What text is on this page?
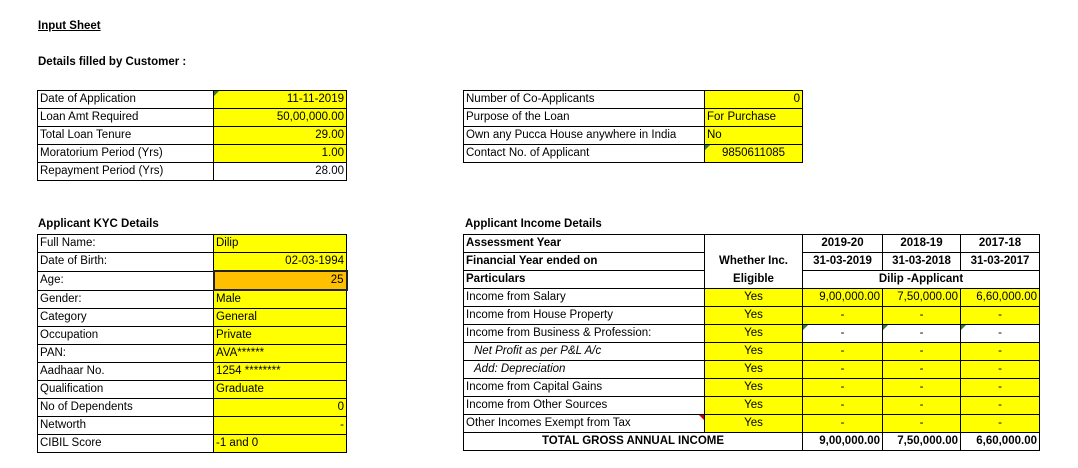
Input Sheet
Details filled by Customer :
Date of Application	11-11-2019
Loan Amt Required	50,00,000.00
Total Loan Tenure	29.00
Moratorium Period (Yrs)	1.00
Repayment Period (Yrs)	28.00
Number of Co-Applicants	0
Purpose of the Loan	For Purchase
Own any Pucca House anywhere in India	No
Contact No. of Applicant	9850611085
Applicant KYC Details
Full Name:	Dilip
Date of Birth:	02-03-1994
Age:	25
Gender:	Male
Category	General
Occupation	Private
PAN:	AVA******
Aadhaar No.	1254 ********
Qualification	Graduate
No of Dependents	0
Networth	-
CIBIL Score	-1 and 0
Applicant Income Details
Assessment Year		2019-20	2018-19	2017-18
Financial Year ended on	Whether Inc.	31-03-2019	31-03-2018	31-03-2017
Particulars	Eligible	Dilip -Applicant		
Income from Salary	Yes	9,00,000.00	7,50,000.00	6,60,000.00
Income from House Property	Yes	-	-	-
Income from Business & Profession:	Yes	-	-	-
Net Profit as per P&L A/c	Yes	-	-	-
Add: Depreciation	Yes	-	-	-
Income from Capital Gains	Yes	-	-	-
Income from Other Sources	Yes	-	-	-
Other Incomes Exempt from Tax	Yes	-	-	-
TOTAL GROSS ANNUAL INCOME		9,00,000.00	7,50,000.00	6,60,000.00
